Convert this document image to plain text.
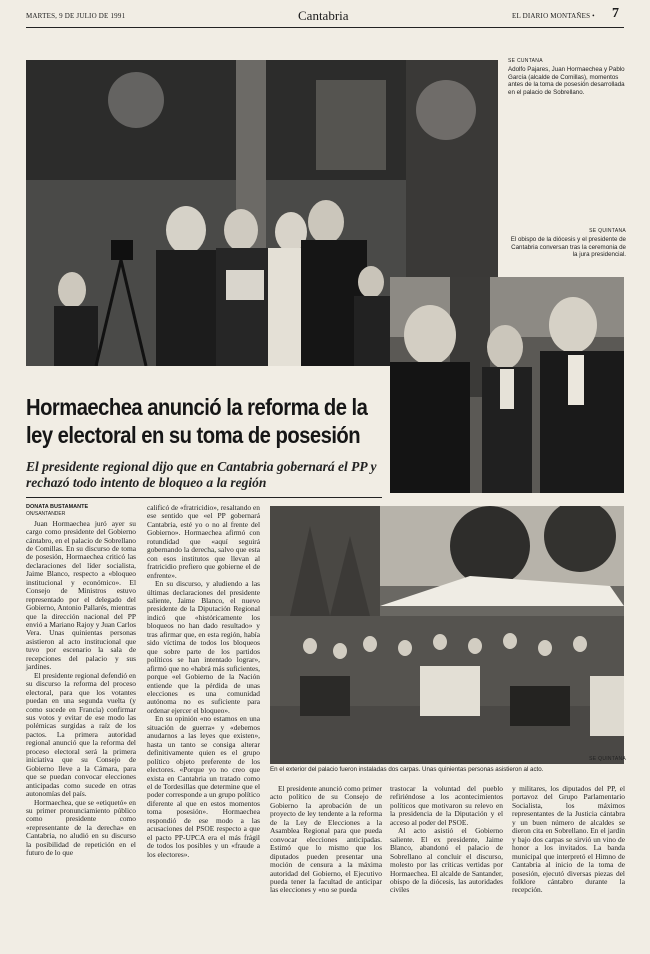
MARTES, 9 DE JULIO DE 1991	Cantabria	EL DIARIO MONTAÑES • 7
SE CUNTANA
Adolfo Pajares, Juan Hormaechea y Pablo García (alcalde de Comillas), momentos antes de la toma de posesión desarrollada en el palacio de Sobrellano.
SE QUINTANA
El obispo de la diócesis y el presidente de Cantabria conversan tras la ceremonia de la jura presidencial.
Hormaechea anunció la reforma de la ley electoral en su toma de posesión
El presidente regional dijo que en Cantabria gobernará el PP y rechazó todo intento de bloqueo a la región
En el exterior del palacio fueron instaladas dos carpas. Unas quinientas personas asistieron al acto.
SE QUINTANA
DONATA BUSTAMANTE
ON/SANTANDER

Juan Hormaechea juró ayer su cargo como presidente del Gobierno cántabro, en el palacio de Sobrellano de Comillas. En su discurso de toma de posesión, Hormaechea criticó las declaraciones del líder socialista, Jaime Blanco, respecto a «bloqueo institucional y económico». El Consejo de Ministros estuvo representado por el delegado del Gobierno, Antonio Pallarés, mientras que la dirección nacional del PP envió a Mariano Rajoy y Juan Carlos Vera. Unas quinientas personas asistieron al acto institucional que tuvo por escenario la sala de recepciones del palacio y sus jardines.

El presidente regional defendió en su discurso la reforma del proceso electoral, para que los votantes puedan en una segunda vuelta (y como sucede en Francia) confirmar sus votos y evitar de ese modo las polémicas surgidas a raíz de los pactos. La primera autoridad regional anunció que la reforma del proceso electoral será la primera iniciativa que su Consejo de Gobierno lleve a la Cámara, para que se puedan convocar elecciones anticipadas como sucede en otras autonomías del país.

Hormaechea, que se «etiquetó» en su primer pronunciamiento público como presidente como «representante de la derecha» en Cantabria, no aludió en su discurso la posibilidad de repetición en el futuro de lo que

calificó de «fratricidio», resaltando en ese sentido que «el PP gobernará Cantabria, esté yo o no al frente del Gobierno». Hormaechea afirmó con rotundidad que «aquí seguirá gobernando la derecha, salvo que esta con esos institutos que llevan al fratricidio prefiero que gobierne el de enfrente».

En su discurso, y aludiendo a las últimas declaraciones del presidente saliente, Jaime Blanco, el nuevo presidente de la Diputación Regional indicó que «históricamente los bloqueos no han dado resultado» y tras afirmar que, en esta región, había sido víctima de todos los bloqueos que sobre parte de los partidos políticos se han intentado lograr», afirmó que no «habrá más suficientes, porque «el Gobierno de la Nación entiende que la pérdida de unas elecciones es una comunidad autónoma no es suficiente para ordenar ejercer el bloqueo».

En su opinión «no estamos en una situación de guerra» y «debemos anudarnos a las leyes que existen», hasta un tanto se consiga alterar definitivamente quien es el grupo político objeto preferente de los electores. «Porque yo no creo que exista en Cantabria un tratado como el de Tordesillas que determine que el poder corresponde a un grupo político diferente al que en estos momentos toma posesión». Hormaechea respondió de ese modo a las acusaciones del PSOE respecto a que el pacto PP-UPCA era el más frágil de todos los posibles y un «fraude a los electores».

El presidente anunció como primer acto político de su Consejo de Gobierno la aprobación de un proyecto de ley tendente a la reforma de la Ley de Elecciones a la Asamblea Regional para que pueda convocar elecciones anticipadas. Estimó que lo mismo que los diputados pueden presentar una moción de censura a la máxima autoridad del Gobierno, el Ejecutivo pueda tener la facultad de anticipar las elecciones y «no se pueda

trastocar la voluntad del pueblo refiriéndose a los acontecimientos políticos que motivaron su relevo en la presidencia de la Diputación y el acceso al poder del PSOE.

Al acto asistió el Gobierno saliente. El ex presidente, Jaime Blanco, abandonó el palacio de Sobrellano al concluir el discurso, molesto por las críticas vertidas por Hormaechea. El alcalde de Santander, obispo de la diócesis, las autoridades civiles

y militares, los diputados del PP, el portavoz del Grupo Parlamentario Socialista, los máximos representantes de la Justicia cántabra y un buen número de alcaldes se dieron cita en Sobrellano. En el jardín y bajo dos carpas se sirvió un vino de honor a los invitados. La banda municipal que interpretó el Himno de Cantabria al inicio de la toma de posesión, ejecutó diversas piezas del folklore cántabro durante la recepción.
